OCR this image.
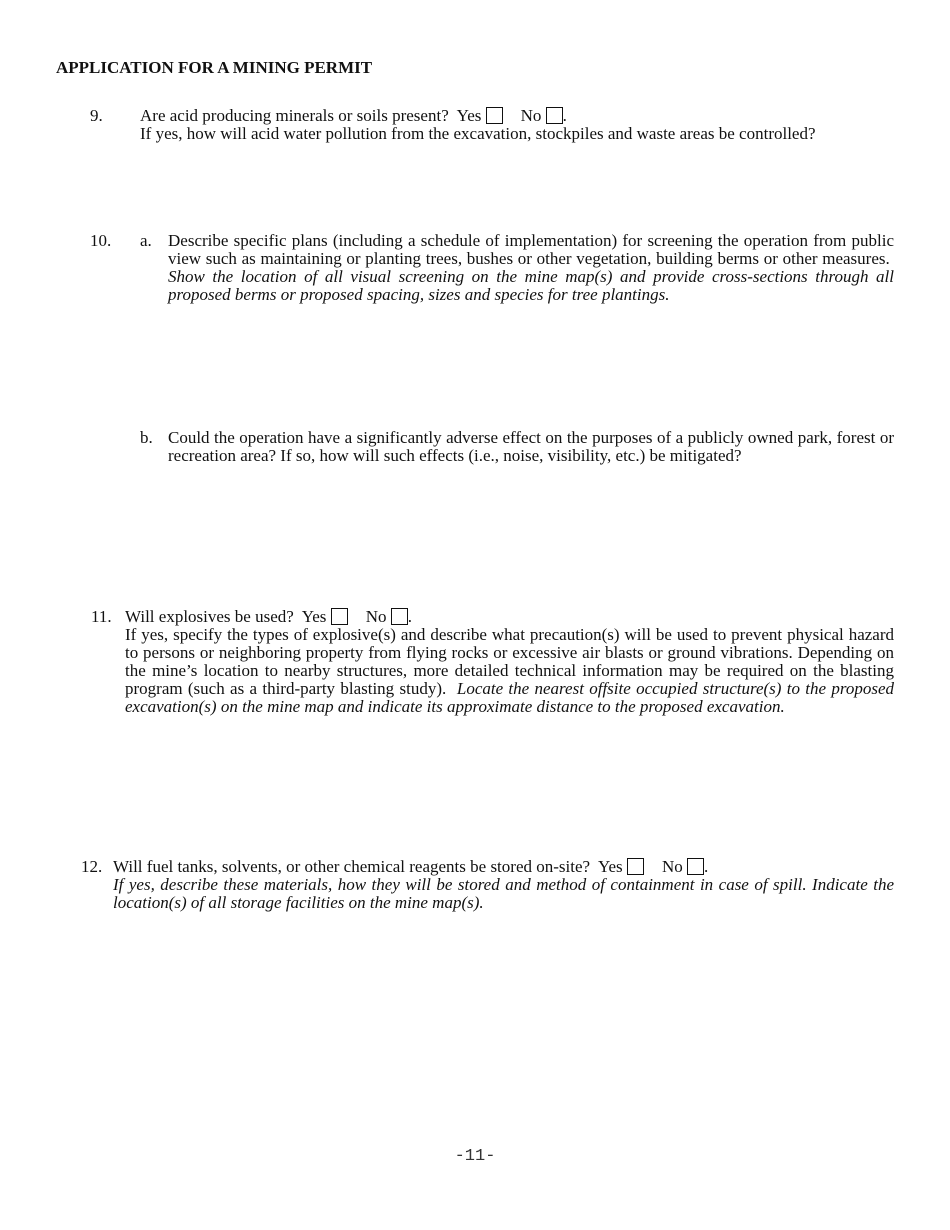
APPLICATION FOR A MINING PERMIT
9. Are acid producing minerals or soils present? Yes No .
If yes, how will acid water pollution from the excavation, stockpiles and waste areas be controlled?
10. a. Describe specific plans (including a schedule of implementation) for screening the operation from public view such as maintaining or planting trees, bushes or other vegetation, building berms or other measures.  Show the location of all visual screening on the mine map(s) and provide cross-sections through all proposed berms or proposed spacing, sizes and species for tree plantings.
b. Could the operation have a significantly adverse effect on the purposes of a publicly owned park, forest or recreation area? If so, how will such effects (i.e., noise, visibility, etc.) be mitigated?
11. Will explosives be used? Yes No .
If yes, specify the types of explosive(s) and describe what precaution(s) will be used to prevent physical hazard to persons or neighboring property from flying rocks or excessive air blasts or ground vibrations. Depending on the mine’s location to nearby structures, more detailed technical information may be required on the blasting program (such as a third-party blasting study). Locate the nearest offsite occupied structure(s) to the proposed excavation(s) on the mine map and indicate its approximate distance to the proposed excavation.
12. Will fuel tanks, solvents, or other chemical reagents be stored on-site? Yes No .
If yes, describe these materials, how they will be stored and method of containment in case of spill. Indicate the location(s) of all storage facilities on the mine map(s).
-11-
